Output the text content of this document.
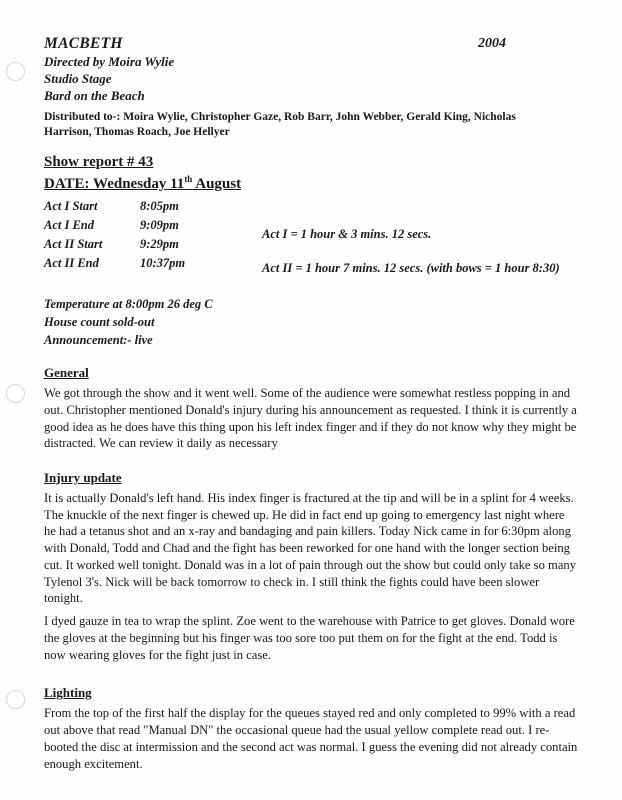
MACBETH
Directed by Moira Wylie
Studio Stage
Bard on the Beach
2004
Distributed to-: Moira Wylie, Christopher Gaze, Rob Barr, John Webber, Gerald King, Nicholas Harrison, Thomas Roach, Joe Hellyer
Show report # 43
DATE: Wednesday 11th August
Act I Start	8:05pm
Act I End	9:09pm
Act II Start	9:29pm
Act II End	10:37pm
Act I = 1 hour & 3 mins. 12 secs.
Act II = 1 hour 7 mins. 12 secs. (with bows = 1 hour 8:30)
Temperature at 8:00pm 26 deg C
House count sold-out
Announcement:- live
General

We got through the show and it went well. Some of the audience were somewhat restless popping in and out. Christopher mentioned Donald's injury during his announcement as requested. I think it is currently a good idea as he does have this thing upon his left index finger and if they do not know why they might be distracted. We can review it daily as necessary

Injury update

It is actually Donald's left hand. His index finger is fractured at the tip and will be in a splint for 4 weeks. The knuckle of the next finger is chewed up. He did in fact end up going to emergency last night where he had a tetanus shot and an x-ray and bandaging and pain killers. Today Nick came in for 6:30pm along with Donald, Todd and Chad and the fight has been reworked for one hand with the longer section being cut. It worked well tonight. Donald was in a lot of pain through out the show but could only take so many Tylenol 3's. Nick will be back tomorrow to check in. I still think the fights could have been slower tonight.

I dyed gauze in tea to wrap the splint. Zoe went to the warehouse with Patrice to get gloves. Donald wore the gloves at the beginning but his finger was too sore too put them on for the fight at the end. Todd is now wearing gloves for the fight just in case.

Lighting

From the top of the first half the display for the queues stayed red and only completed to 99% with a read out above that read "Manual DN" the occasional queue had the usual yellow complete read out. I re-booted the disc at intermission and the second act was normal. I guess the evening did not already contain enough excitement.
